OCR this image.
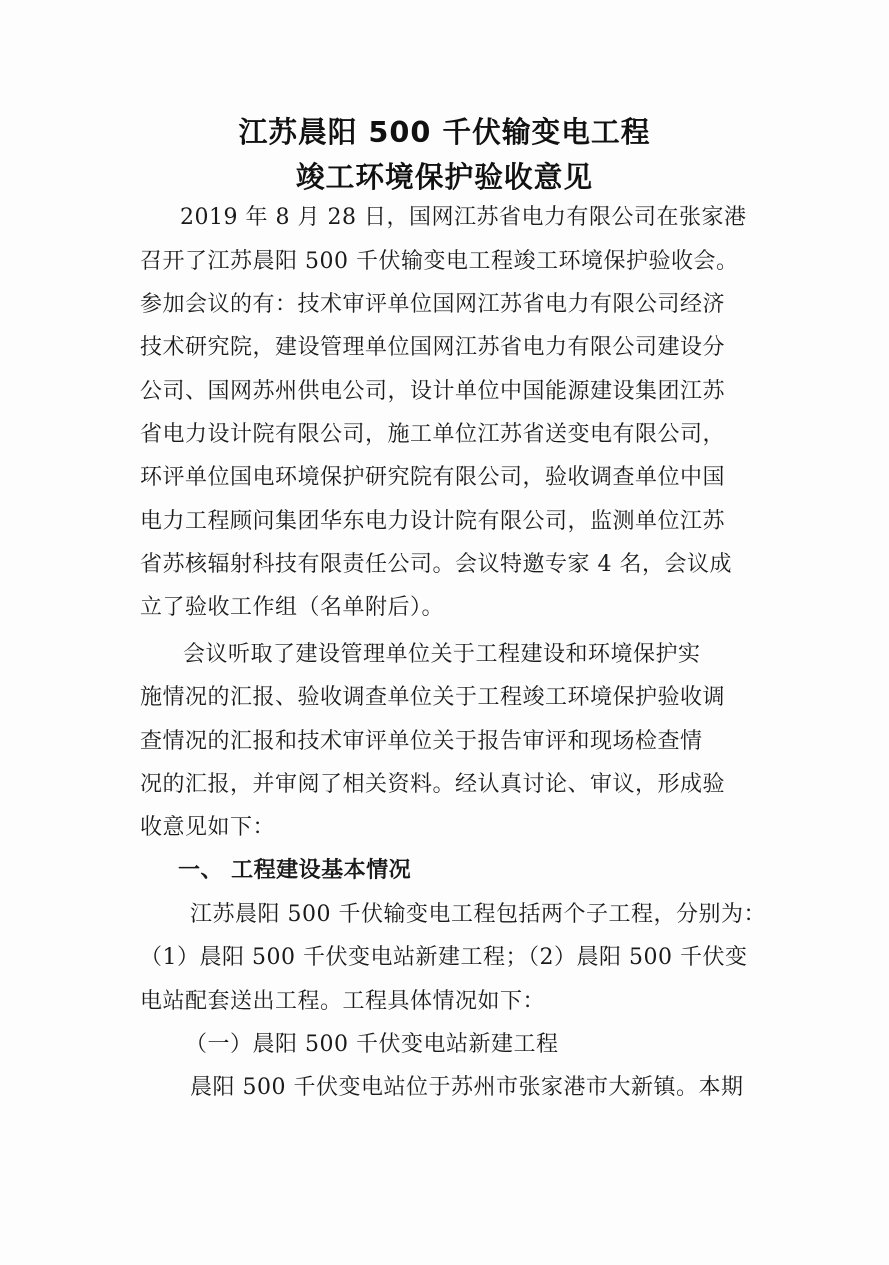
江苏晨阳 500 千伏输变电工程
竣工环境保护验收意见
2019 年 8 月 28 日，国网江苏省电力有限公司在张家港
召开了江苏晨阳 500 千伏输变电工程竣工环境保护验收会。
参加会议的有：技术审评单位国网江苏省电力有限公司经济
技术研究院，建设管理单位国网江苏省电力有限公司建设分
公司、国网苏州供电公司，设计单位中国能源建设集团江苏
省电力设计院有限公司，施工单位江苏省送变电有限公司，
环评单位国电环境保护研究院有限公司，验收调查单位中国
电力工程顾问集团华东电力设计院有限公司，监测单位江苏
省苏核辐射科技有限责任公司。会议特邀专家 4 名，会议成
立了验收工作组（名单附后）。
会议听取了建设管理单位关于工程建设和环境保护实
施情况的汇报、验收调查单位关于工程竣工环境保护验收调
查情况的汇报和技术审评单位关于报告审评和现场检查情
况的汇报，并审阅了相关资料。经认真讨论、审议，形成验
收意见如下：
一、 工程建设基本情况
江苏晨阳 500 千伏输变电工程包括两个子工程，分别为：
（1）晨阳 500 千伏变电站新建工程；（2）晨阳 500 千伏变
电站配套送出工程。工程具体情况如下：
（一）晨阳 500 千伏变电站新建工程
晨阳 500 千伏变电站位于苏州市张家港市大新镇。本期
